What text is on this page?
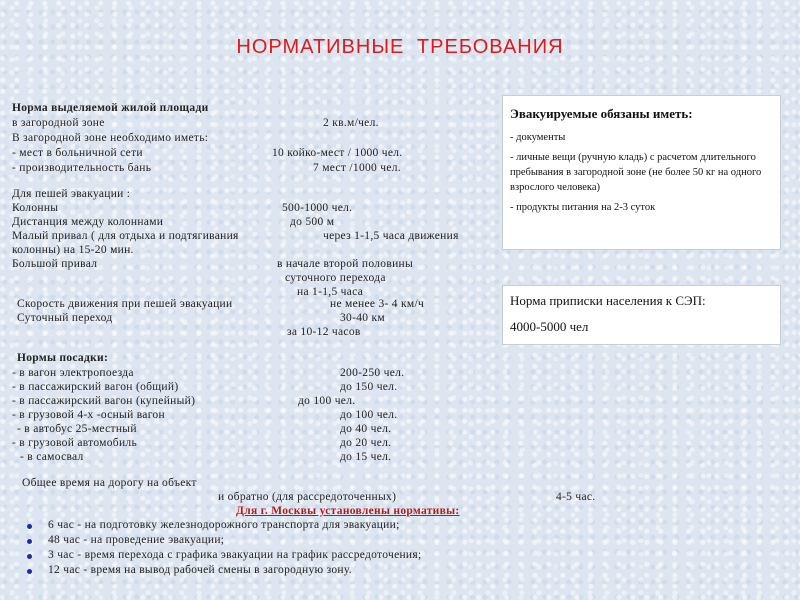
НОРМАТИВНЫЕ ТРЕБОВАНИЯ
Эвакуируемые обязаны иметь:
- документы
- личные вещи (ручную кладь) с расчетом длительного пребывания в загородной зоне (не более 50 кг на одного взрослого человека)
- продукты питания на 2-3 суток
Норма приписки населения к СЭП:
4000-5000 чел
Норма выделяемой жилой площади
в загородной зоне	2 кв.м/чел.
В загородной зоне необходимо иметь:
- мест в больничной сети	10 койко-мест / 1000 чел.
- производительность бань	7 мест /1000 чел.
Для пешей эвакуации :
Колонны	500-1000 чел.
Дистанция между колоннами	до 500 м
Малый привал ( для отдыха и подтягивания	через 1-1,5 часа движения
колонны) на 15-20 мин.
Большой привал	в начале второй половины
суточного перехода
на 1-1,5 часа
Скорость движения при пешей эвакуации	не менее 3- 4 км/ч
Суточный переход	30-40 км
за 10-12 часов
Нормы посадки:
- в вагон электропоезда	200-250 чел.
- в пассажирский вагон (общий)	до 150 чел.
- в пассажирский вагон (купейный)	до 100 чел.
- в грузовой 4-х -осный вагон	до 100 чел.
- в автобус 25-местный	до 40 чел.
- в грузовой автомобиль	до 20 чел.
- в самосвал	до 15 чел.
Общее время на дорогу на объект
и обратно (для рассредоточенных)	4-5 час.
Для г. Москвы установлены нормативы:
6 час - на подготовку железнодорожного транспорта для эвакуации;
48 час - на проведение эвакуации;
3 час - время перехода с графика эвакуации на график рассредоточения;
12 час - время на вывод рабочей смены в загородную зону.
